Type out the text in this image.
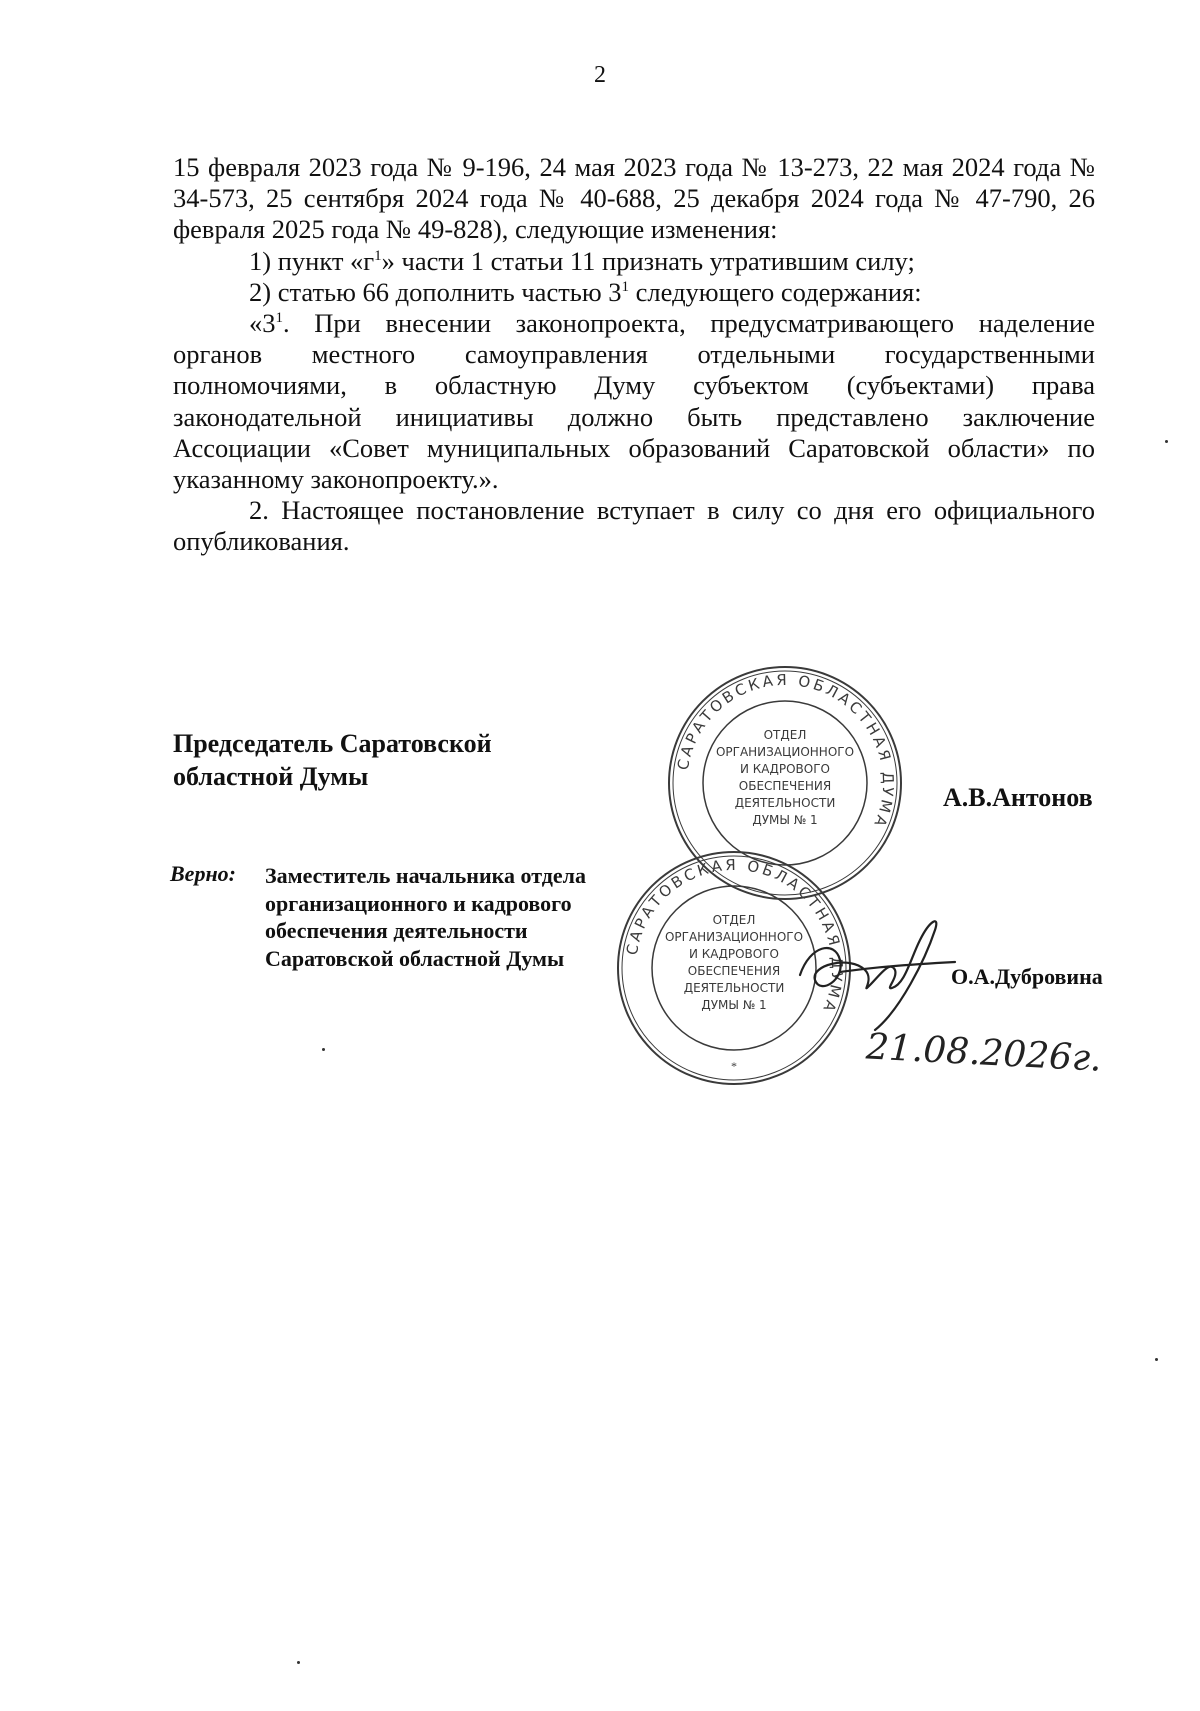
2

15 февраля 2023 года № 9-196, 24 мая 2023 года № 13-273, 22 мая 2024 года № 34-573, 25 сентября 2024 года № 40-688, 25 декабря 2024 года № 47-790, 26 февраля 2025 года № 49-828), следующие изменения:

1) пункт «$г^1$» части 1 статьи 11 признать утратившим силу;

2) статью 66 дополнить частью $3^1$ следующего содержания:

«$3^1$. При внесении законопроекта, предусматривающего наделение органов местного самоуправления отдельными государственными полномочиями, в областную Думу субъектом (субъектами) права законодательной инициативы должно быть представлено заключение Ассоциации «Совет муниципальных образований Саратовской области» по указанному законопроекту.».

2. Настоящее постановление вступает в силу со дня его официального опубликования.

Председатель Саратовской
областной Думы
А.В.Антонов
Верно: Заместитель начальника отдела

организационного и кадрового

обеспечения деятельности

Саратовской областной Думы

О.А.Дубровина
САРАТОВСКАЯ ОБЛАСТНАЯ ДУМА
ОТДЕЛ
ОРГАНИЗАЦИОННОГО
И КАДРОВОГО
ОБЕСПЕЧЕНИЯ
ДЕЯТЕЛЬНОСТИ
ДУМЫ № 1
САРАТОВСКАЯ ОБЛАСТНАЯ ДУМА
ОТДЕЛ
ОРГАНИЗАЦИОННОГО
И КАДРОВОГО
ОБЕСПЕЧЕНИЯ
ДЕЯТЕЛЬНОСТИ
ДУМЫ № 1
*	21.08.2026г.
